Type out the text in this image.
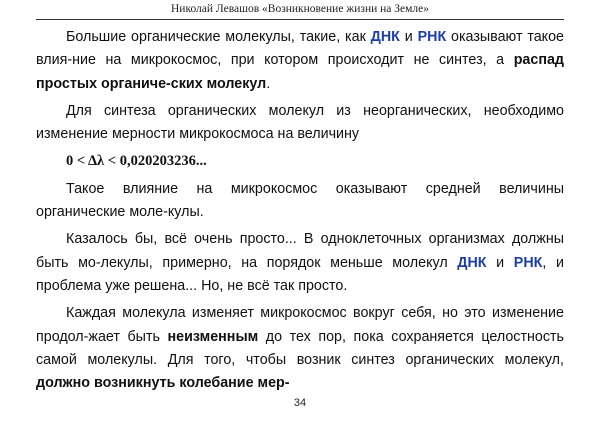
Николай Левашов «Возникновение жизни на Земле»

Большие органические молекулы, такие, как ДНК и РНК оказывают такое влия-ние на микрокосмос, при котором происходит не синтез, а распад простых органиче-ских молекул.

Для синтеза органических молекул из неорганических, необходимо изменение мерности микрокосмоса на величину

0 < Δλ < 0,020203236...

Такое влияние на микрокосмос оказывают средней величины органические моле-кулы.

Казалось бы, всё очень просто... В одноклеточных организмах должны быть мо-лекулы, примерно, на порядок меньше молекул ДНК и РНК, и проблема уже решена... Но, не всё так просто.

Каждая молекула изменяет микрокосмос вокруг себя, но это изменение продол-жает быть неизменным до тех пор, пока сохраняется целостность самой молекулы. Для того, чтобы возник синтез органических молекул, должно возникнуть колебание мер-

34
